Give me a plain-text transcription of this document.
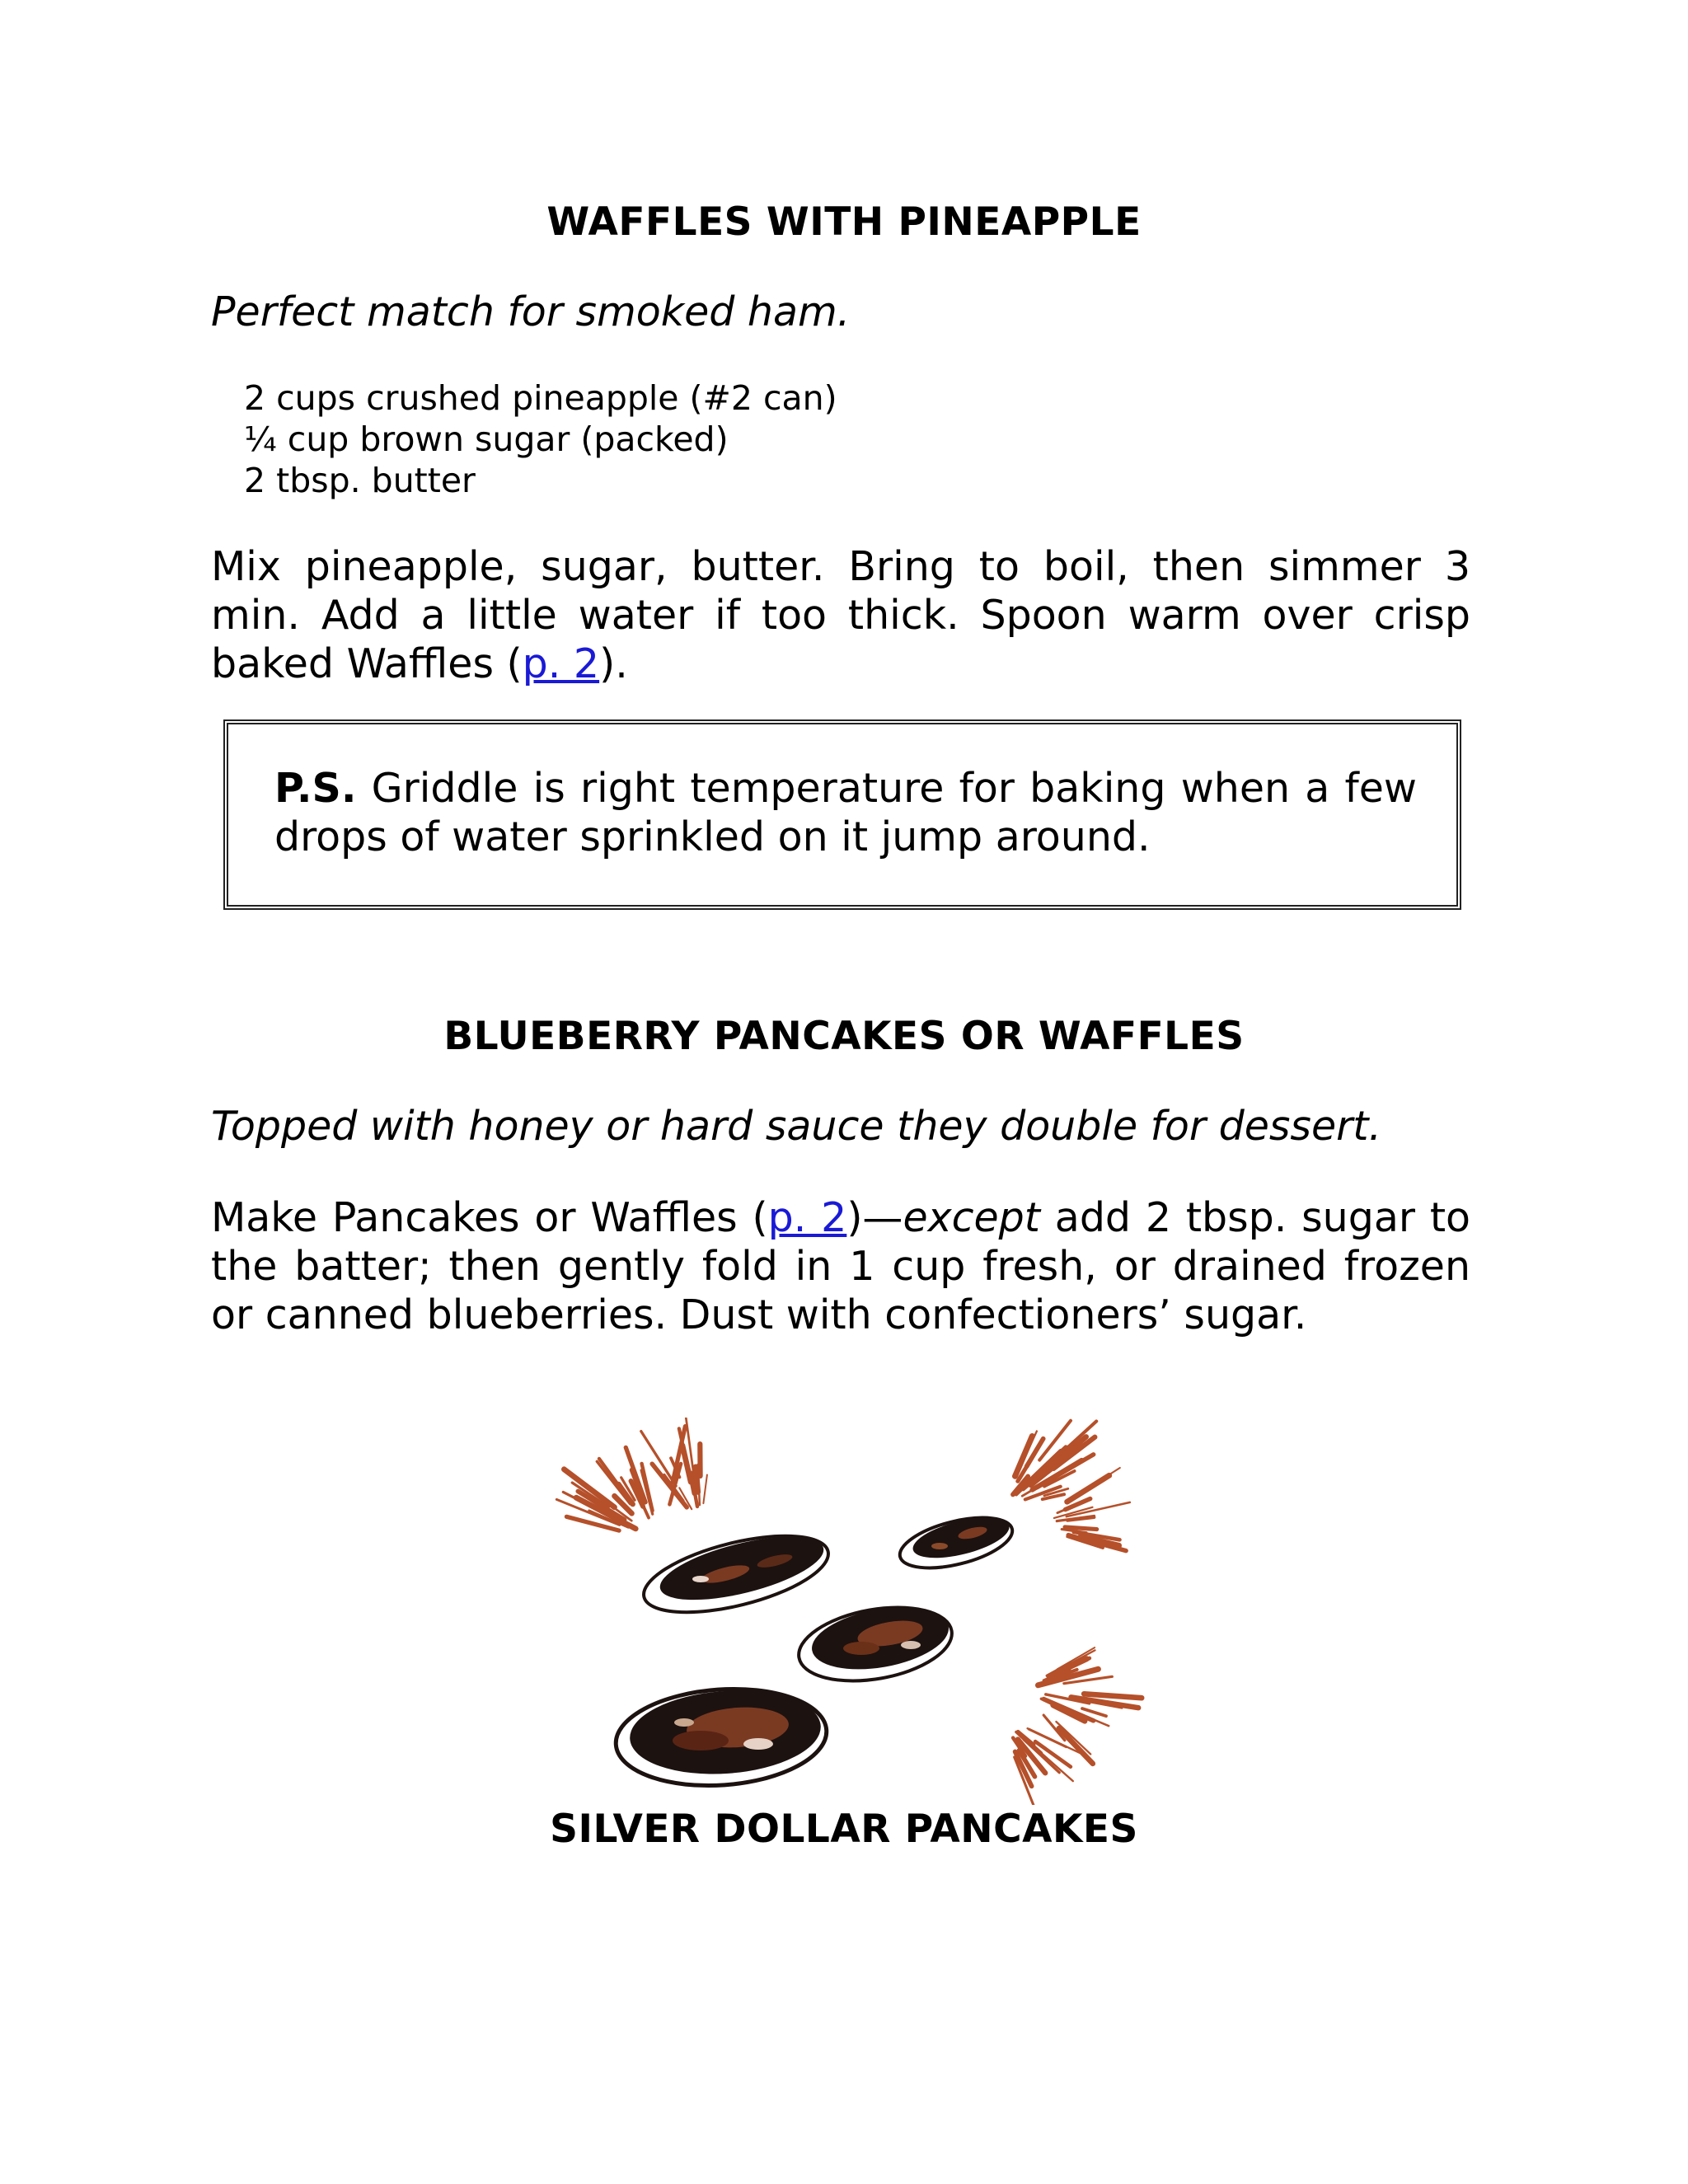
WAFFLES WITH PINEAPPLE
Perfect match for smoked ham.
2 cups crushed pineapple (#2 can)
¼ cup brown sugar (packed)
2 tbsp. butter

Mix pineapple, sugar, butter. Bring to boil, then simmer 3 min. Add a little water if too thick. Spoon warm over crisp baked Waffles (p. 2).

P.S. Griddle is right temperature for baking when a few drops of water sprinkled on it jump around.

BLUEBERRY PANCAKES OR WAFFLES
Topped with honey or hard sauce they double for dessert.

Make Pancakes or Waffles (p. 2)—except add 2 tbsp. sugar to the batter; then gently fold in 1 cup fresh, or drained frozen or canned blueberries. Dust with confectioners’ sugar.

SILVER DOLLAR PANCAKES
